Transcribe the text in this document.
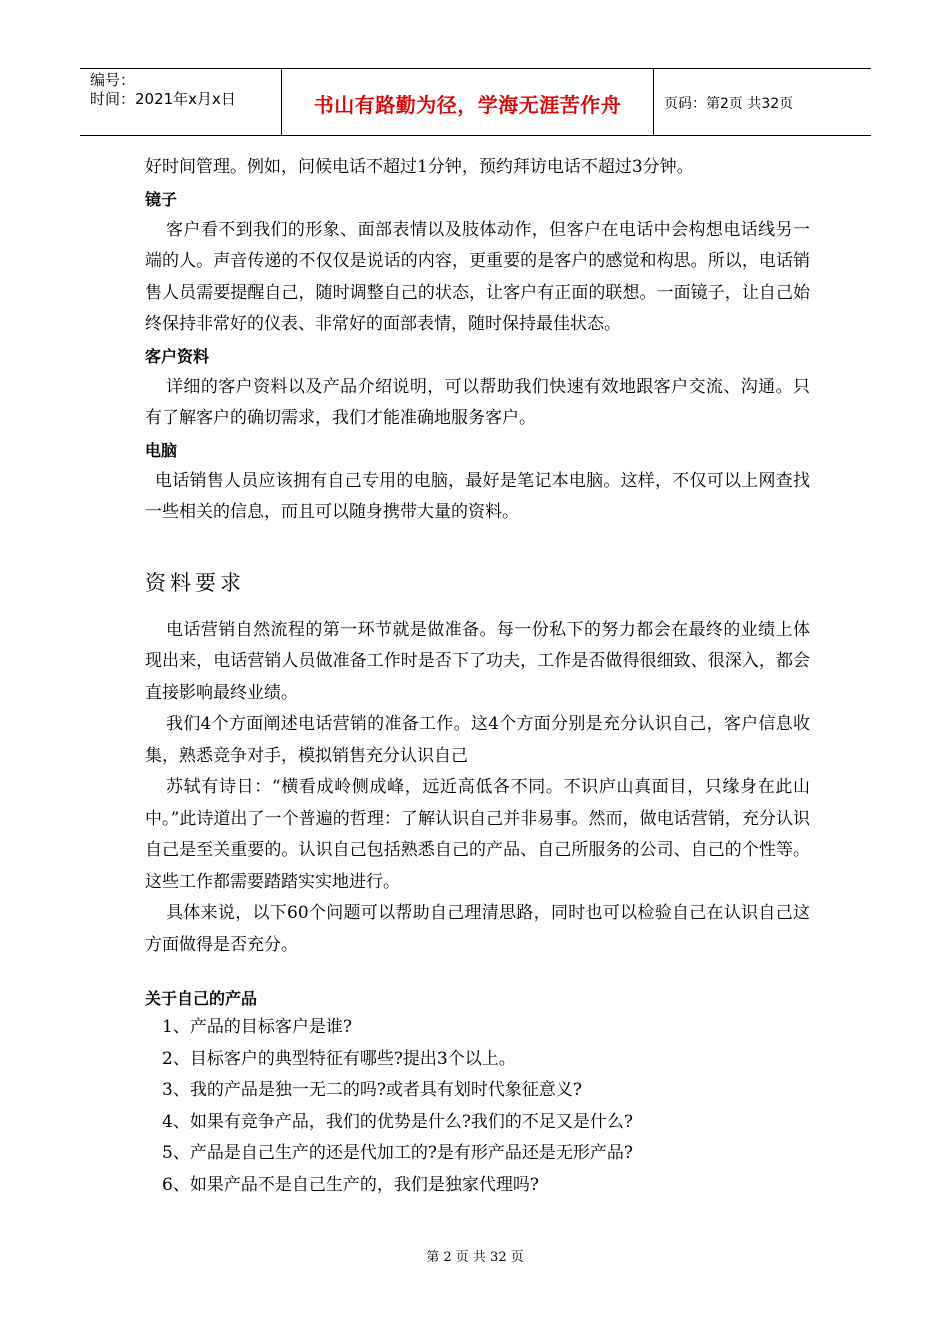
编号：
时间：2021年x月x日	书山有路勤为径，学海无涯苦作舟	页码：第2页 共32页

好时间管理。例如，问候电话不超过1分钟，预约拜访电话不超过3分钟。

镜子

客户看不到我们的形象、面部表情以及肢体动作，但客户在电话中会构想电话线另一端的人。声音传递的不仅仅是说话的内容，更重要的是客户的感觉和构思。所以，电话销售人员需要提醒自己，随时调整自己的状态，让客户有正面的联想。一面镜子，让自己始终保持非常好的仪表、非常好的面部表情，随时保持最佳状态。

客户资料

详细的客户资料以及产品介绍说明，可以帮助我们快速有效地跟客户交流、沟通。只有了解客户的确切需求，我们才能准确地服务客户。

电脑

电话销售人员应该拥有自己专用的电脑，最好是笔记本电脑。这样，不仅可以上网查找一些相关的信息，而且可以随身携带大量的资料。

资料要求

电话营销自然流程的第一环节就是做准备。每一份私下的努力都会在最终的业绩上体现出来，电话营销人员做准备工作时是否下了功夫，工作是否做得很细致、很深入，都会直接影响最终业绩。

我们4个方面阐述电话营销的准备工作。这4个方面分别是充分认识自己，客户信息收集，熟悉竞争对手，模拟销售充分认识自己

苏轼有诗日：“横看成岭侧成峰，远近高低各不同。不识庐山真面目，只缘身在此山中。”此诗道出了一个普遍的哲理：了解认识自己并非易事。然而，做电话营销，充分认识自己是至关重要的。认识自己包括熟悉自己的产品、自己所服务的公司、自己的个性等。这些工作都需要踏踏实实地进行。

具体来说，以下60个问题可以帮助自己理清思路，同时也可以检验自己在认识自己这方面做得是否充分。

关于自己的产品

1、产品的目标客户是谁?

2、目标客户的典型特征有哪些?提出3个以上。

3、我的产品是独一无二的吗?或者具有划时代象征意义?

4、如果有竞争产品，我们的优势是什么?我们的不足又是什么?

5、产品是自己生产的还是代加工的?是有形产品还是无形产品?

6、如果产品不是自己生产的，我们是独家代理吗?

第 2 页 共 32 页
